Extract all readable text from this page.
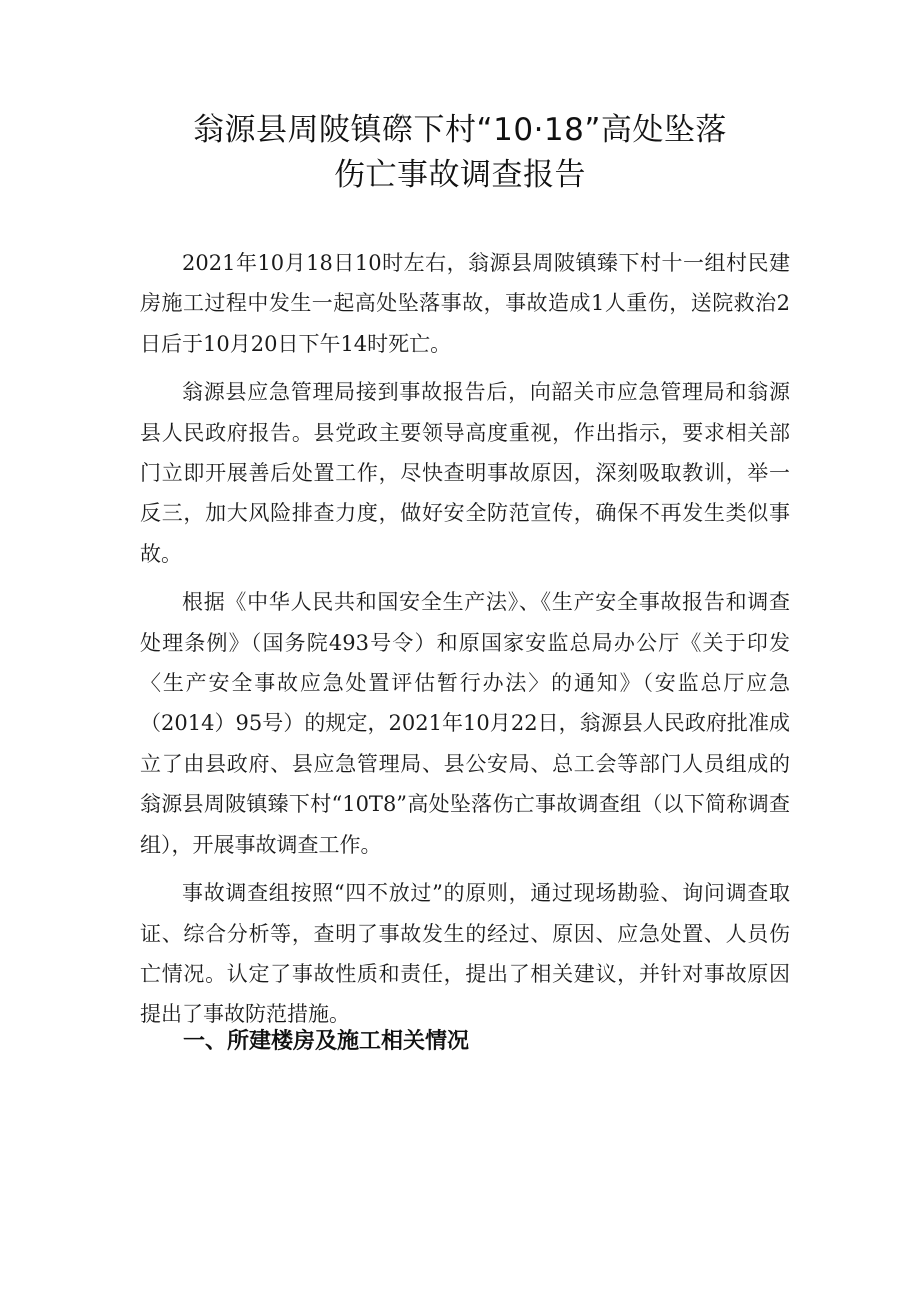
翁源县周陂镇磜下村“10·18”高处坠落
伤亡事故调查报告

2021年10月18日10时左右，翁源县周陂镇臻下村十一组村民建房施工过程中发生一起高处坠落事故，事故造成1人重伤，送院救治2日后于10月20日下午14时死亡。

翁源县应急管理局接到事故报告后，向韶关市应急管理局和翁源县人民政府报告。县党政主要领导高度重视，作出指示，要求相关部门立即开展善后处置工作，尽快查明事故原因，深刻吸取教训，举一反三，加大风险排查力度，做好安全防范宣传，确保不再发生类似事故。

根据《中华人民共和国安全生产法》、《生产安全事故报告和调查处理条例》（国务院493号令）和原国家安监总局办公厅《关于印发〈生产安全事故应急处置评估暂行办法〉的通知》（安监总厅应急（2014）95号）的规定，2021年10月22日，翁源县人民政府批准成立了由县政府、县应急管理局、县公安局、总工会等部门人员组成的翁源县周陂镇臻下村“10T8”高处坠落伤亡事故调查组（以下简称调查组），开展事故调查工作。

事故调查组按照“四不放过”的原则，通过现场勘验、询问调查取证、综合分析等，查明了事故发生的经过、原因、应急处置、人员伤亡情况。认定了事故性质和责任，提出了相关建议，并针对事故原因提出了事故防范措施。

一、所建楼房及施工相关情况
